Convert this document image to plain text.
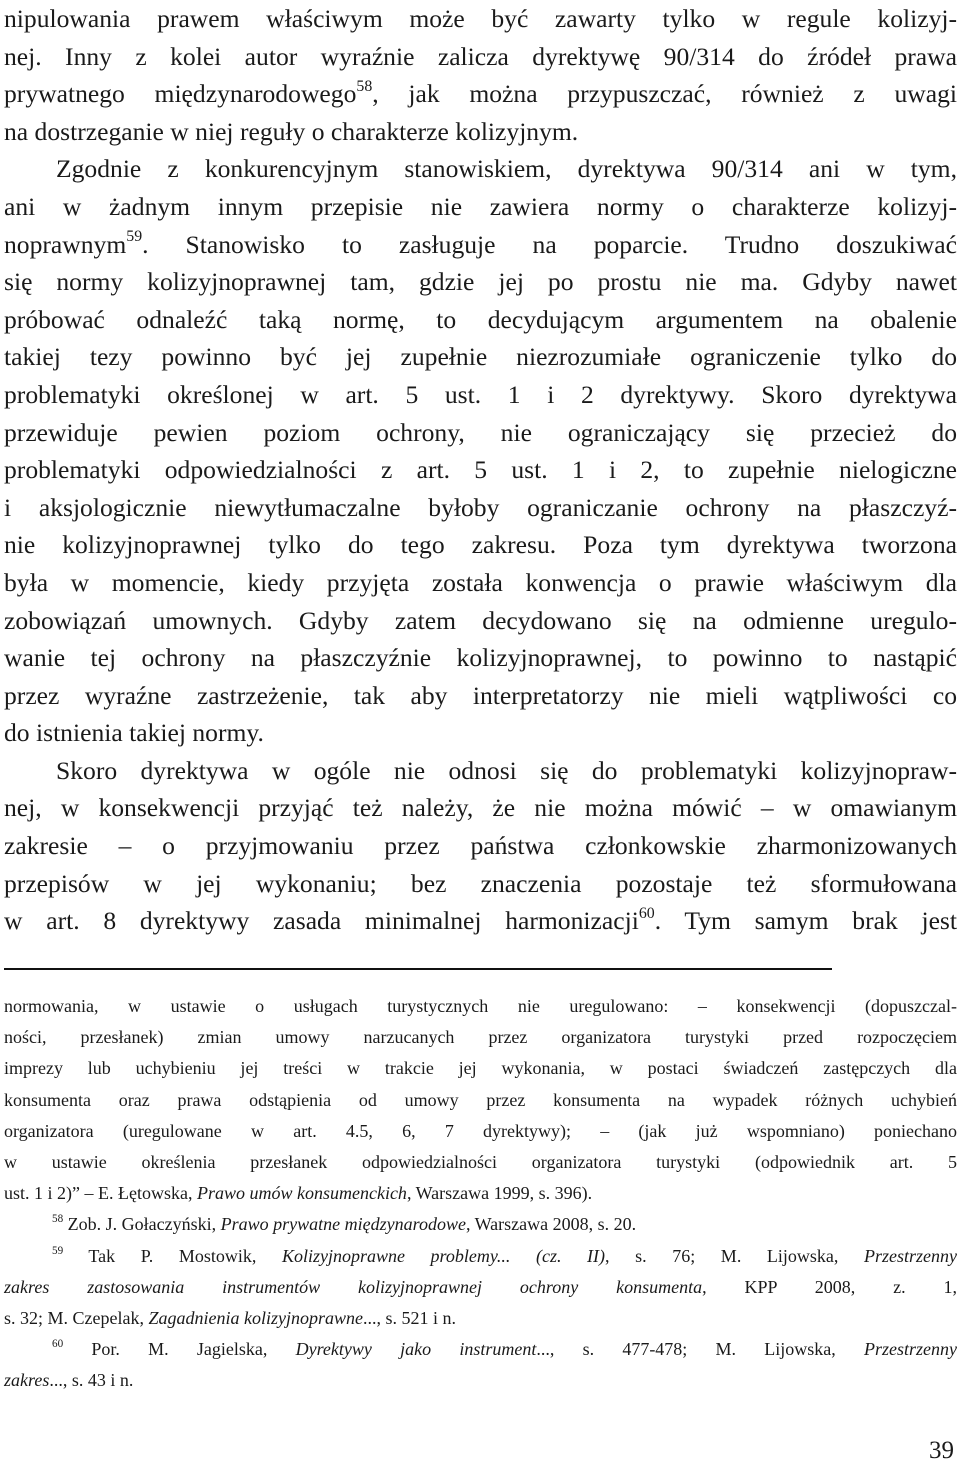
nipulowania prawem właściwym może być zawarty tylko w regule kolizyj-

nej. Inny z kolei autor wyraźnie zalicza dyrektywę 90/314 do źródeł prawa

prywatnego międzynarodowego$^{58}$, jak można przypuszczać, również z uwagi

na dostrzeganie w niej reguły o charakterze kolizyjnym.

Zgodnie z konkurencyjnym stanowiskiem, dyrektywa 90/314 ani w tym,

ani w żadnym innym przepisie nie zawiera normy o charakterze kolizyj-

noprawnym$^{59}$. Stanowisko to zasługuje na poparcie. Trudno doszukiwać

się normy kolizyjnoprawnej tam, gdzie jej po prostu nie ma. Gdyby nawet

próbować odnaleźć taką normę, to decydującym argumentem na obalenie

takiej tezy powinno być jej zupełnie niezrozumiałe ograniczenie tylko do

problematyki określonej w art. 5 ust. 1 i 2 dyrektywy. Skoro dyrektywa

przewiduje pewien poziom ochrony, nie ograniczający się przecież do

problematyki odpowiedzialności z art. 5 ust. 1 i 2, to zupełnie nielogiczne

i aksjologicznie niewytłumaczalne byłoby ograniczanie ochrony na płaszczyź-

nie kolizyjnoprawnej tylko do tego zakresu. Poza tym dyrektywa tworzona

była w momencie, kiedy przyjęta została konwencja o prawie właściwym dla

zobowiązań umownych. Gdyby zatem decydowano się na odmienne uregulo-

wanie tej ochrony na płaszczyźnie kolizyjnoprawnej, to powinno to nastąpić

przez wyraźne zastrzeżenie, tak aby interpretatorzy nie mieli wątpliwości co

do istnienia takiej normy.

Skoro dyrektywa w ogóle nie odnosi się do problematyki kolizyjnopraw-

nej, w konsekwencji przyjąć też należy, że nie można mówić – w omawianym

zakresie – o przyjmowaniu przez państwa członkowskie zharmonizowanych

przepisów w jej wykonaniu; bez znaczenia pozostaje też sformułowana

w art. 8 dyrektywy zasada minimalnej harmonizacji$^{60}$. Tym samym brak jest

normowania, w ustawie o usługach turystycznych nie uregulowano: – konsekwencji (dopuszczal-

ności, przesłanek) zmian umowy narzucanych przez organizatora turystyki przed rozpoczęciem

imprezy lub uchybieniu jej treści w trakcie jej wykonania, w postaci świadczeń zastępczych dla

konsumenta oraz prawa odstąpienia od umowy przez konsumenta na wypadek różnych uchybień

organizatora (uregulowane w art. 4.5, 6, 7 dyrektywy); – (jak już wspomniano) poniechano

w ustawie określenia przesłanek odpowiedzialności organizatora turystyki (odpowiednik art. 5

ust. 1 i 2)” – E. Łętowska, Prawo umów konsumenckich, Warszawa 1999, s. 396).

$^{58}$ Zob. J. Gołaczyński, Prawo prywatne międzynarodowe, Warszawa 2008, s. 20.

$^{59}$ Tak P. Mostowik, Kolizyjnoprawne problemy... (cz. II), s. 76; M. Lijowska, Przestrzenny

zakres zastosowania instrumentów kolizyjnoprawnej ochrony konsumenta, KPP 2008, z. 1,

s. 32; M. Czepelak, Zagadnienia kolizyjnoprawne..., s. 521 i n.

$^{60}$ Por. M. Jagielska, Dyrektywy jako instrument..., s. 477-478; M. Lijowska, Przestrzenny

zakres..., s. 43 i n.

39
